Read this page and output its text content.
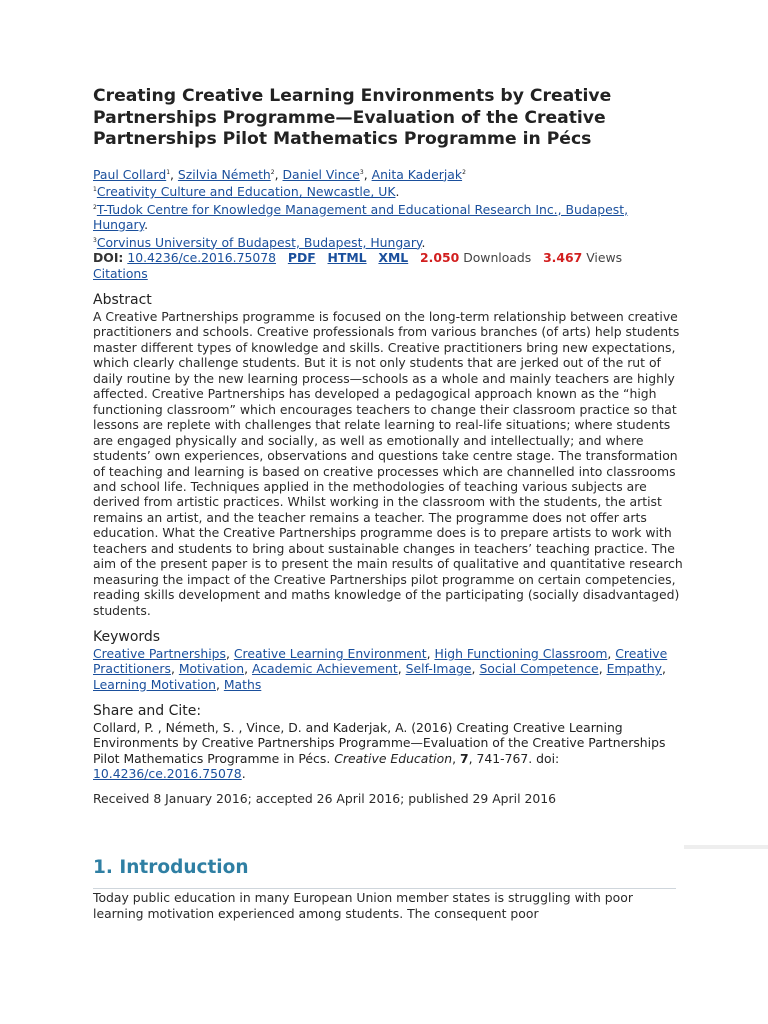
Creating Creative Learning Environments by Creative Partnerships Programme—Evaluation of the Creative Partnerships Pilot Mathematics Programme in Pécs
Paul Collard$^1$, Szilvia Németh$^2$, Daniel Vince$^3$, Anita Kaderjak$^2$
$^1$Creativity Culture and Education, Newcastle, UK.
$^2$T-Tudok Centre for Knowledge Management and Educational Research Inc., Budapest, Hungary.
$^3$Corvinus University of Budapest, Budapest, Hungary.
DOI: 10.4236/ce.2016.75078 PDF HTML XML 2.050 Downloads 3.467 Views   Citations
Abstract

A Creative Partnerships programme is focused on the long-term relationship between creative practitioners and schools. Creative professionals from various branches (of arts) help students master different types of knowledge and skills. Creative practitioners bring new expectations, which clearly challenge students. But it is not only students that are jerked out of the rut of daily routine by the new learning process—schools as a whole and mainly teachers are highly affected. Creative Partnerships has developed a pedagogical approach known as the “high functioning classroom” which encourages teachers to change their classroom practice so that lessons are replete with challenges that relate learning to real-life situations; where students are engaged physically and socially, as well as emotionally and intellectually; and where students’ own experiences, observations and questions take centre stage. The transformation of teaching and learning is based on creative processes which are channelled into classrooms and school life. Techniques applied in the methodologies of teaching various subjects are derived from artistic practices. Whilst working in the classroom with the students, the artist remains an artist, and the teacher remains a teacher. The programme does not offer arts education. What the Creative Partnerships programme does is to prepare artists to work with teachers and students to bring about sustainable changes in teachers’ teaching practice. The aim of the present paper is to present the main results of qualitative and quantitative research measuring the impact of the Creative Partnerships pilot programme on certain competencies, reading skills development and maths knowledge of the participating (socially disadvantaged) students.

Keywords
Creative Partnerships, Creative Learning Environment, High Functioning Classroom, Creative Practitioners, Motivation, Academic Achievement, Self-Image, Social Competence, Empathy, Learning Motivation, Maths
Share and Cite:
Collard, P. , Németh, S. , Vince, D. and Kaderjak, A. (2016) Creating Creative Learning Environments by Creative Partnerships Programme—Evaluation of the Creative Partnerships Pilot Mathematics Programme in Pécs. Creative Education, 7, 741-767. doi: 10.4236/ce.2016.75078.
Received 8 January 2016; accepted 26 April 2016; published 29 April 2016
1. Introduction
Today public education in many European Union member states is struggling with poor learning motivation experienced among students. The consequent poor
